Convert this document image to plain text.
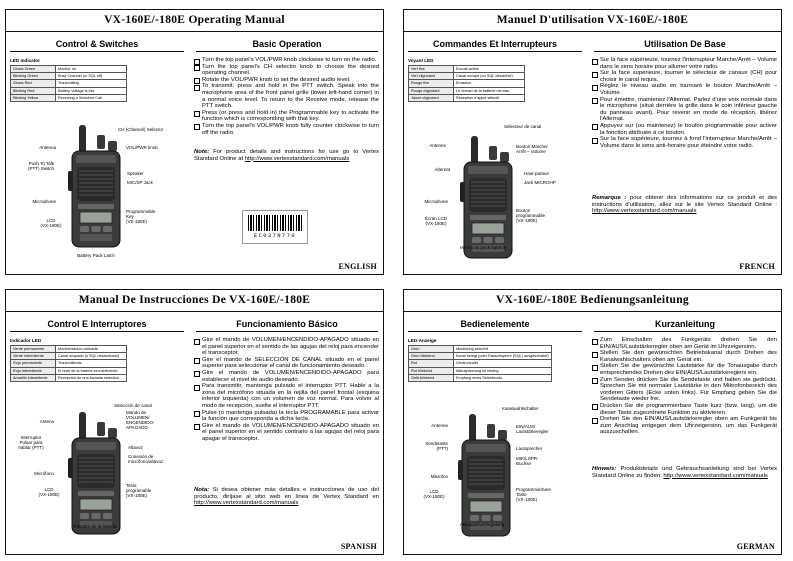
VX-160E/-180E Operating Manual
Control & Switches	Basic Operation
LED Indicator
Glows Green	Monitor on
Blinking Green	Busy Channel (or SQL off)
Glows Red	Transmitting
Blinking Red	Battery Voltage is low
Blinking Yellow	Receiving a Selective Call
CH (Channel) Selector
Antenna	VOL/PWR knob
Push To Talk
(PTT) Switch
Speaker
MIC/SP Jack
Microphone
Programmable
Key
(VX-180E)
LCD
(VX-180E)
Battery Pack Latch
Turn the top panel's VOL/PWR knob clockwise to turn on the radio.
Turn the top panel's CH selector knob to choose the desired operating channel.
Rotate the VOL/PWR knob to set the desired audio level.
To transmit, press and hold in the PTT switch. Speak into the microphone area of the front panel grille (lower left-hand corner) in a normal voice level. To return to the Receive mode, release the PTT switch.
Press (or press and hold in) the Programmable key to activate the function which is corresponding with that key.
Turn the top panel's VOL/PWR knob fully counter clockwise to turn off the radio.
Note: For product details and instructions for use go to Vertex Standard Online at http://www.vertexstandard.com/manuals
EC037N770
ENGLISH
Manuel D'utilisation VX-160E/-180E
Commandes Et Interrupteurs	Utilisation De Base
Voyant LED
Vert fixe	Ecoute active
Vert clignotant	Canal occupé (ou SQL désactivé)
Rouge fixe	Emission
Rouge clignotant	Le niveau de la batterie est bas.
Jaune clignotant	Réception d'appel sélectif
Sélecteur de canal
Antenne	Bouton Marche/
Arrêt – Volume
Alternat
Haut-parleur
Jack MICROHP
Microphone
Bouton
programmable
(VX-180E)
Écran LCD
(VX-180E)
Verrou du pack batterie
Sur la face supérieure, tournez l'interrupteur Marche/Arrêt – Volume dans le sens horaire pour allumer votre radio.
Sur la face supérieure, tourner le sélecteur de canaux (CH) pour choisir le canal requis.
Réglez le niveau audio en tournant le bouton Marche/Arrêt – Volume.
Pour émettre, maintenez l'Alternat. Parlez d'une voix normale dans le microphone (situé derrière la grille dans le coin inférieur gauche du panneau avant). Pour revenir en mode de réception, libérez l'Alternat.
Appuyez sur (ou maintenez) le bouton programmable pour activer la fonction attribuée à ce bouton.
Sur la face supérieure, tournez à fond l'interrupteur Marche/Arrêt – Volume dans le sens anti-horaire pour éteindre votre radio.
Remarque : pour obtenir des informations sur ce produit et des instructions d'utilisation, allez sur le site Vertex Standard Online : http://www.vertexstandard.com/manuals
FRENCH
Manual De Instrucciones De VX-160E/-180E
Control E Interruptores	Funcionamiento Básico
Indicador LED
Verde permanente	Monitorización activada
Verde intermitente	Canal ocupado (o SQL desactivado)
Rojo permanente	Transmitiendo
Rojo intermitente	El nivel de la batería es insuficiente.
Amarillo intermitente	Recepción de una llamada selectiva
Selección de canal
Antena
Mando de
VOLUMEN/
ENCENDIDO-
APAGADO
Interruptor
Pulsar para
hablar (PTT)	Altavoz
Conexión de
micrófono/altavoz
Micrófono
Tecla
programable
(VX-180E)
LCD
(VX-180E)
Pasador de la batería
Gire el mando de VOLUMEN/ENCENDIDO-APAGADO situado en el panel superior en el sentido de las agujas del reloj para encender el transceptor.
Gire el mando de SELECCIÓN DE CANAL situado en el panel superior para seleccionar el canal de funcionamiento deseado.
Gire el mando de VOLUMEN/ENCENDIDO-APAGADO para establecer el nivel de audio deseado.
Para transmitir, mantenga pulsado el interruptor PTT. Hable a la zona del micrófono situada en la rejilla del panel frontal (esquina inferior izquierda) con un volumen de voz normal. Para volver al modo de recepción, suelte el interruptor PTT.
Pulse (o mantenga pulsada) la tecla PROGRAMABLE para activar la función que corresponda a dicha tecla.
Gire el mando de VOLUMEN/ENCENDIDO-APAGADO situado en el panel superior en el sentido contrario a las agujas del reloj para apagar el transceptor.
Nota: Si desea obtener más detalles e instrucciones de uso del producto, diríjase al sitio web en línea de Vertex Standard en http://www.vertexstandard.com/manuals
SPANISH
VX-160E/-180E Bedienungsanleitung
Bedienelemente	Kurzanleitung
LED-Anzeige
Grün	Monitoring aktiv/ert
Grün blinkend	Kanal belegt (oder Rauschsperre (SQL) ausgeschaltet)
Rot	Gerät sendet
Rot blinkend	Akkuspannung ist niedrig
Gelb blinkend	Empfang eines Selektivrufs
Kanalwahlschalter
Antenne	EIN/AUS/
Lautstärkeregler
Sendetaste
(PTT)	Lautsprecher
MIK/LSPR-
Buchse
Mikrofon
Programmierbare
Taste
(VX-180E)
LCD
(VX-180E)
Akkupackverriegelung
Zum Einschalten des Funkgeräts drehen Sie den EIN/AUS/Lautstärkeregler oben am Gerät im Uhrzeigersinn.
Stellen Sie den gewünschten Betriebskanal durch Drehen des Kanalwahlschalters oben am Gerät ein.
Stellen Sie die gewünschte Lautstärke für die Tonausgabe durch entsprechendes Drehen des EIN/AUS/Lautstärkereglers ein.
Zum Senden drücken Sie die Sendetaste und halten sie gedrückt. Sprechen Sie mit normaler Lautstärke in den Mikrofonbereich des vorderen Gitters (Ecke unten links). Für Empfang geben Sie die Sendetaste wieder frei.
Drücken Sie die programmierbare Taste kurz (bzw. lang), um die dieser Taste zugeordnete Funktion zu aktivieren.
Drehen Sie den EIN/AUS/Lautstärkeregler oben am Funkgerät bis zum Anschlag entgegen dem Uhrzeigersinn, um das Funkgerät auszuschalten.
Hinweis: Produktdetails und Gebrauchsanleitung sind bei Vertex Standard Online zu finden: http://www.vertexstandard.com/manuals
GERMAN
